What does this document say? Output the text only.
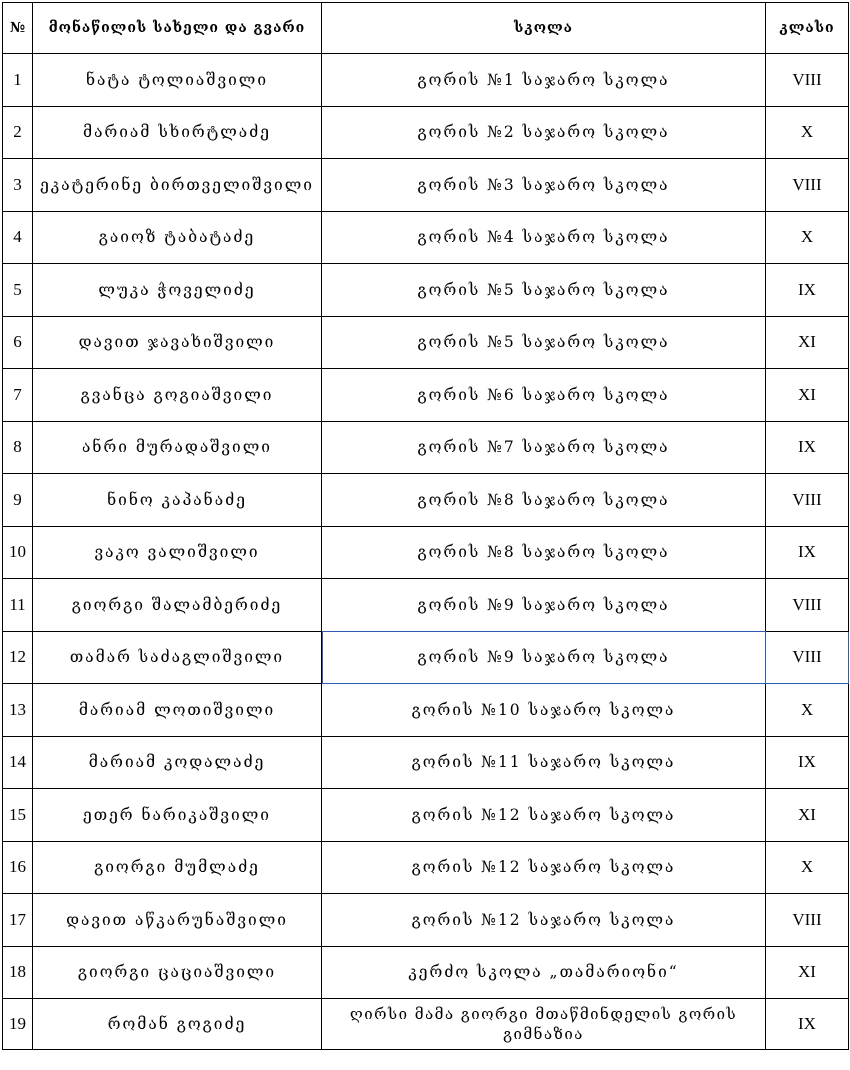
№	მონაწილის სახელი და გვარი	სკოლა	კლასი
1	ნატა ტოლიაშვილი	გორის №1 საჯარო სკოლა	VIII
2	მარიამ სხირტლაძე	გორის №2 საჯარო სკოლა	X
3	ეკატერინე ბირთველიშვილი	გორის №3 საჯარო სკოლა	VIII
4	გაიოზ ტაბატაძე	გორის №4 საჯარო სკოლა	X
5	ლუკა ჭოველიძე	გორის №5 საჯარო სკოლა	IX
6	დავით ჯავახიშვილი	გორის №5 საჯარო სკოლა	XI
7	გვანცა გოგიაშვილი	გორის №6 საჯარო სკოლა	XI
8	ანრი მურადაშვილი	გორის №7 საჯარო სკოლა	IX
9	ნინო კაპანაძე	გორის №8 საჯარო სკოლა	VIII
10	ვაკო ვალიშვილი	გორის №8 საჯარო სკოლა	IX
11	გიორგი შალამბერიძე	გორის №9 საჯარო სკოლა	VIII
12	თამარ საძაგლიშვილი	გორის №9 საჯარო სკოლა	VIII
13	მარიამ ლოთიშვილი	გორის №10 საჯარო სკოლა	X
14	მარიამ კოდალაძე	გორის №11 საჯარო სკოლა	IX
15	ეთერ ნარიკაშვილი	გორის №12 საჯარო სკოლა	XI
16	გიორგი მუმლაძე	გორის №12 საჯარო სკოლა	X
17	დავით აწკარუნაშვილი	გორის №12 საჯარო სკოლა	VIII
18	გიორგი ცაციაშვილი	კერძო სკოლა „თამარიონი“	XI
19	რომან გოგიძე	ღირსი მამა გიორგი მთაწმინდელის გორის გიმნაზია	IX
